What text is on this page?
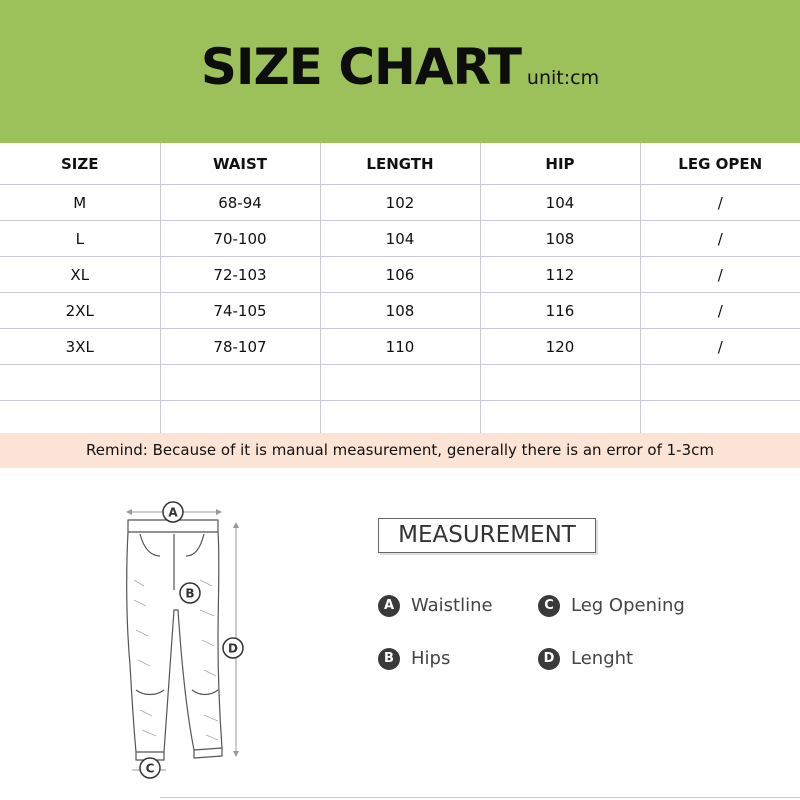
SIZE CHART unit:cm
SIZE	WAIST	LENGTH	HIP	LEG OPEN
M	68-94	102	104	/
L	70-100	104	108	/
XL	72-103	106	112	/
2XL	74-105	108	116	/
3XL	78-107	110	120	/

Remind: Because of it is manual measurement, generally there is an error of 1-3cm
A
B
C
D
MEASUREMENT
A Waistline	C Leg Opening
B Hips	D Lenght
